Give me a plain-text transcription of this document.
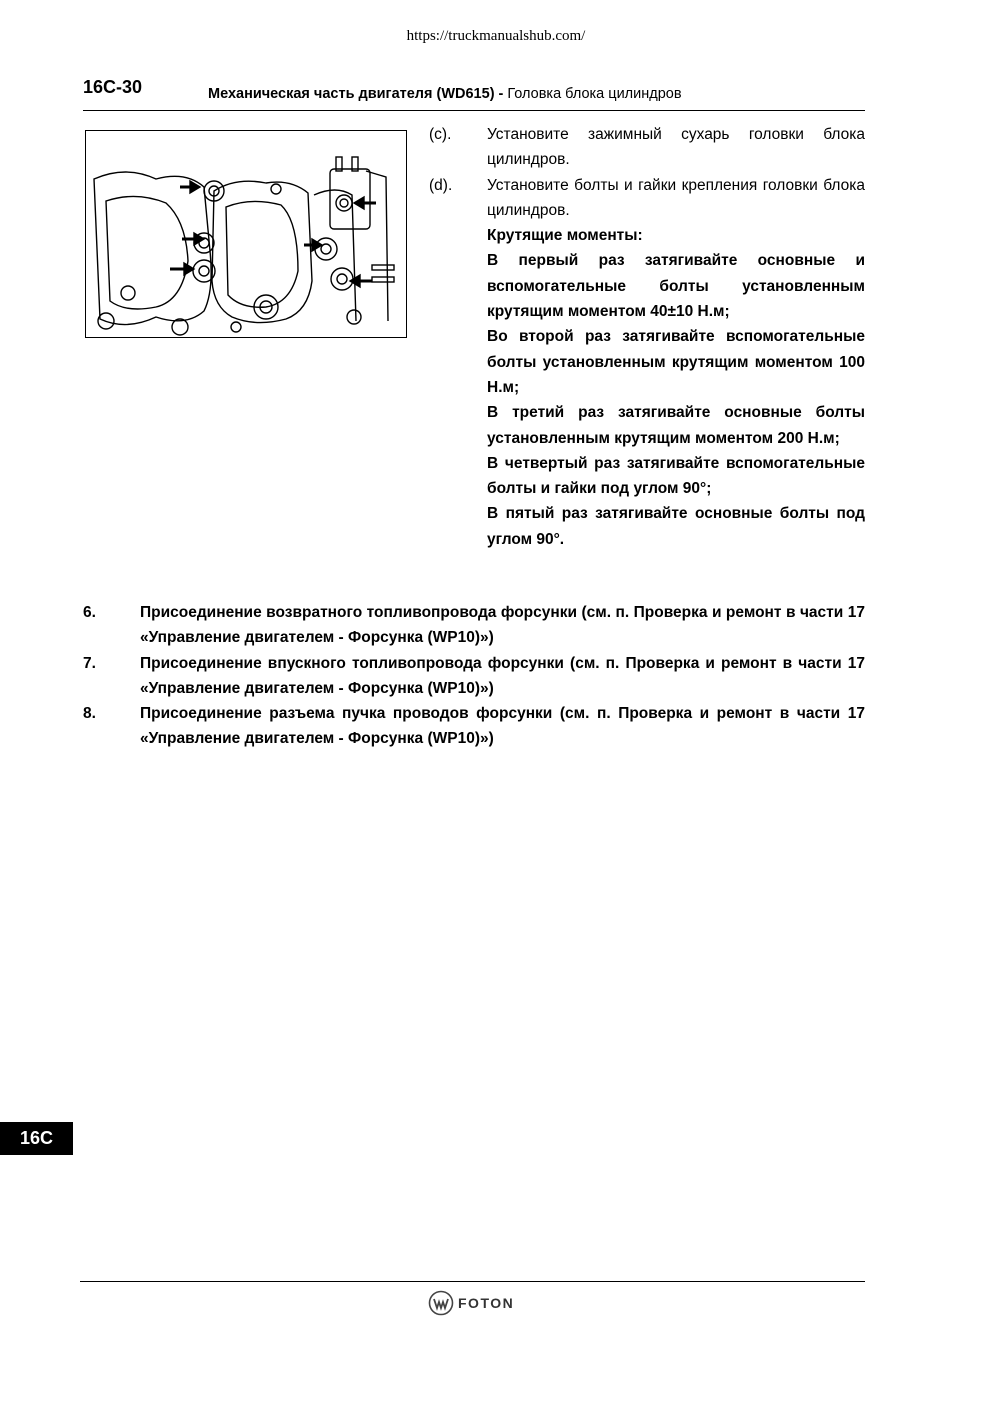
https://truckmanualshub.com/
16C-30	Механическая часть двигателя (WD615) - Головка блока цилиндров
(c).	Установите зажимный сухарь головки блока цилиндров.
(d).	Установите болты и гайки крепления головки блока цилиндров.
Крутящие моменты:
В первый раз затягивайте основные и вспомогательные болты установленным крутящим моментом 40±10 Н.м;
Во второй раз затягивайте вспомогательные болты установленным крутящим моментом 100 Н.м;
В третий раз затягивайте основные болты установленным крутящим моментом 200 Н.м;
В четвертый раз затягивайте вспомогательные болты и гайки под углом 90°;
В пятый раз затягивайте основные болты под углом 90°.
6.	Присоединение возвратного топливопровода форсунки (см. п. Проверка и ремонт в части 17 «Управление двигателем - Форсунка (WP10)»)
7.	Присоединение впускного топливопровода форсунки (см. п. Проверка и ремонт в части 17 «Управление двигателем - Форсунка (WP10)»)
8.	Присоединение разъема пучка проводов форсунки (см. п. Проверка и ремонт в части 17 «Управление двигателем - Форсунка (WP10)»)
16C
FOTON
